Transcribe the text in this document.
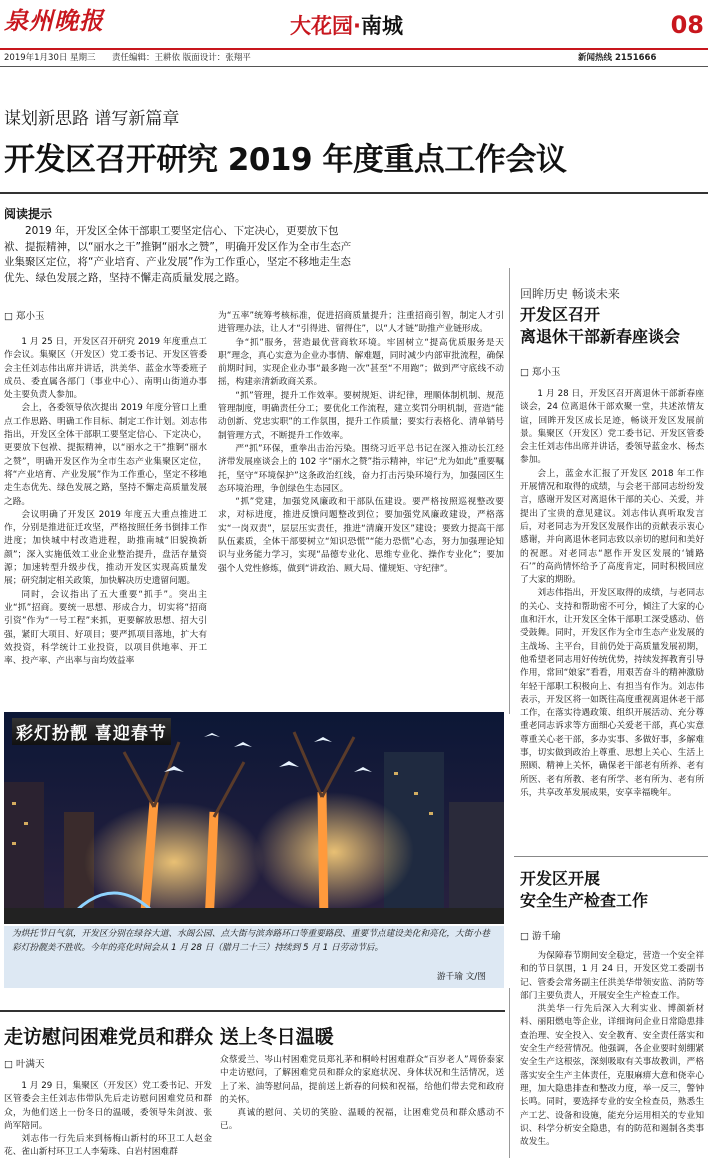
泉州晚报	大花园·南城	08
2019年1月30日 星期三 责任编辑：王耕依 版面设计：张翔平	新闻热线 2151666
谋划新思路 谱写新篇章
开发区召开研究 2019 年度重点工作会议
阅读提示
2019 年，开发区全体干部职工要坚定信心、下定决心，更要放下包袱、提振精神，以“丽水之干”推锕“丽水之赞”，明确开发区作为全市生态产业集聚区定位，将“产业培育、产业发展”作为工作重心，坚定不移地走生态优先、绿色发展之路，坚持不懈走高质量发展之路。
□ 郑小玉

1 月 25 日，开发区召开研究 2019 年度重点工作会议。集聚区（开发区）党工委书记、开发区管委会主任刘志伟出席并讲话，洪美华、蓝金水等委班子成员、委直属各部门（事业中心）、南明山街道办事处主要负责人参加。

会上，各委领导依次提出 2019 年度分管口上重点工作思路、明确工作目标、制定工作计划。刘志伟指出，开发区全体干部职工要坚定信心、下定决心，更要放下包袱、提振精神，以“丽水之干”推锕“丽水之赞”，明确开发区作为全市生态产业集聚区定位，将“产业培育、产业发展”作为工作重心，坚定不移地走生态优先、绿色发展之路，坚持不懈走高质量发展之路。

会议明确了开发区 2019 年度五大重点推进工作，分别是推进征迁攻坚，严格按照任务书倒排工作进度；加快城中村改造进程，助推南城“旧貌换新颜”；深入实施低效工业企业整治提升，盘活存量资源；加速转型升级步伐，推动开发区实现高质量发展；研究制定相关政策，加快解决历史遗留问题。

同时，会议指出了五大重要“抓手”。突出主业“抓”招商。要统一思想、形成合力，切实将“招商引资”作为“一号工程”来抓，更要解放思想、招大引强，紧盯大项目、好项目；要严抓项目落地，扩大有效投资，科学统计工业投资，以项目供地率、开工率、投产率、产出率与亩均效益率

为“五率”统筹考核标准，促进招商质量提升；注重招商引智，制定人才引进管理办法，让人才“引得进、留得住”，以“人才链”助推产业链形成。

争“抓”服务，营造最优营商软环境。牢固树立“提高优质服务是天职”理念，真心实意为企业办事情、解难题，同时减少内部审批流程，确保前期时间，实现企业办事“最多跑一次”甚至“不用跑”；做到严守底线不动摇，构建亲清新政商关系。

“抓”管理，提升工作效率。要树规矩、讲纪律，理顺体制机制、规范管理制度，明确责任分工；要优化工作流程，建立奖罚分明机制，营造“能动创新、党忠实职”的工作氛围，提升工作质量；要实行表格化、清单销号制管理方式，不断提升工作效率。

严“抓”环保，重拳出击治污染。围绕习近平总书记在深入推动长江经济带发展座谈会上的 102 字“丽水之赞”指示精神，牢记“尤为如此”重要嘱托，坚守“环境保护”这条政治红线，奋力打击污染环境行为，加强园区生态环境治理，争创绿色生态园区。

“抓”党建，加强党风廉政和干部队伍建设。要严格按照巡视整改要求，对标进度，推进反馈问题整改到位；要加强党风廉政建设，严格落实“一岗双责”，层层压实责任，推进“清廉开发区”建设；要致力提高干部队伍素质，全体干部要树立“知识恐慌”“能力恐慌”心态，努力加强理论知识与业务能力学习，实现“品德专业化、思维专业化、操作专业化”；要加强个人党性修炼，做到“讲政治、顾大局、懂规矩、守纪律”。

彩灯扮靓 喜迎春节
为烘托节日气氛，开发区分别在绿谷大道、水阁公园、点大街与滨奔路环口等重要路段、重要节点建设美化和亮化，大街小巷彩灯扮靓美不胜收。今年的亮化时间会从 1 月 28 日（腊月二十三）持续到 5 月 1 日劳动节后。
游千瑜 文/图
走访慰问困难党员和群众 送上冬日温暖
□ 叶满天

1 月 29 日，集聚区（开发区）党工委书记、开发区管委会主任刘志伟带队先后走访慰问困难党员和群众，为他们送上一份冬日的温暖，委领导朱剑波、张尚军陪同。

刘志伟一行先后来到杨梅山新村的环卫工人赵金花、雀山新村环卫工人李菊珠、白岩村困难群

众蔡爱兰、岑山村困难党员郑礼茅和桐岭村困难群众“百岁老人”周侨泰家中走访慰问，了解困难党员和群众的家庭状况、身体状况和生活情况，送上了米、油等慰问品，提前送上新春的问候和祝福，给他们带去党和政府的关怀。

真诚的慰问、关切的笑脸、温暖的祝福，让困难党员和群众感动不已。

回眸历史 畅谈未来
开发区召开
离退休干部新春座谈会
□ 郑小玉

1 月 28 日，开发区召开离退休干部新春座谈会，24 位离退休干部欢聚一堂，共述浓情友谊，回眸开发区成长足迹，畅谈开发区发展前景。集聚区（开发区）党工委书记、开发区管委会主任刘志伟出席并讲话，委领导蓝金水、杨杰参加。

会上，蓝金水汇报了开发区 2018 年工作开展情况和取得的成绩，与会老干部同志纷纷发言，感谢开发区对离退休干部的关心、关爱，并提出了宝贵的意见建议。刘志伟认真听取发言后，对老同志为开发区发展作出的贡献表示衷心感谢，并向离退休老同志致以亲切的慰问和美好的祝愿。对老同志“愿作开发区发展的‘铺路石’”的高尚情怀给予了高度肯定，同时积极回应了大家的期盼。

刘志伟指出，开发区取得的成绩，与老同志的关心、支持和帮助密不可分，倾注了大家的心血和汗水，让开发区全体干部职工深受感动、倍受鼓舞。同时，开发区作为全市生态产业发展的主战场、主平台，目前仍处于高质量发展初期，他希望老同志用好传统优势，持续发挥教育引导作用，常回“娘家”看看，用艰苦奋斗的精神激励年轻干部职工积极向上、有担当有作为。刘志伟表示，开发区将一如既往高度重视离退休老干部工作，在落实待遇政策、组织开展活动、充分尊重老同志诉求等方面细心关爱老干部，真心实意尊重关心老干部，多办实事、多做好事，多解难事，切实做到政治上尊重、思想上关心、生活上照顾、精神上关怀，确保老干部老有所养、老有所医、老有所教、老有所学、老有所为、老有所乐，共享改革发展成果，安享幸福晚年。

开发区开展
安全生产检查工作
□ 游千瑜

为保障春节期间安全稳定，营造一个安全祥和的节日氛围，1 月 24 日，开发区党工委副书记、管委会常务副主任洪美华带领安监、消防等部门主要负责人，开展安全生产检查工作。

洪美华一行先后深入大利实业、博颜新材料、丽阳燃电等企业，详细询问企业日常隐患排查治理、安全投入、安全教育、安全责任落实和安全生产经营情况。他强调，各企业要时刻绷紧安全生产这根弦，深刻吸取有关事故教训，严格落实安全生产主体责任，克服麻痹大意和侥幸心理，加大隐患排查和整改力度，举一反三，警钟长鸣。同时，要选择专业的安全检查员，熟悉生产工艺、设备和设施，能充分运用相关的专业知识、科学分析安全隐患，有的防范和遏制各类事故发生。
